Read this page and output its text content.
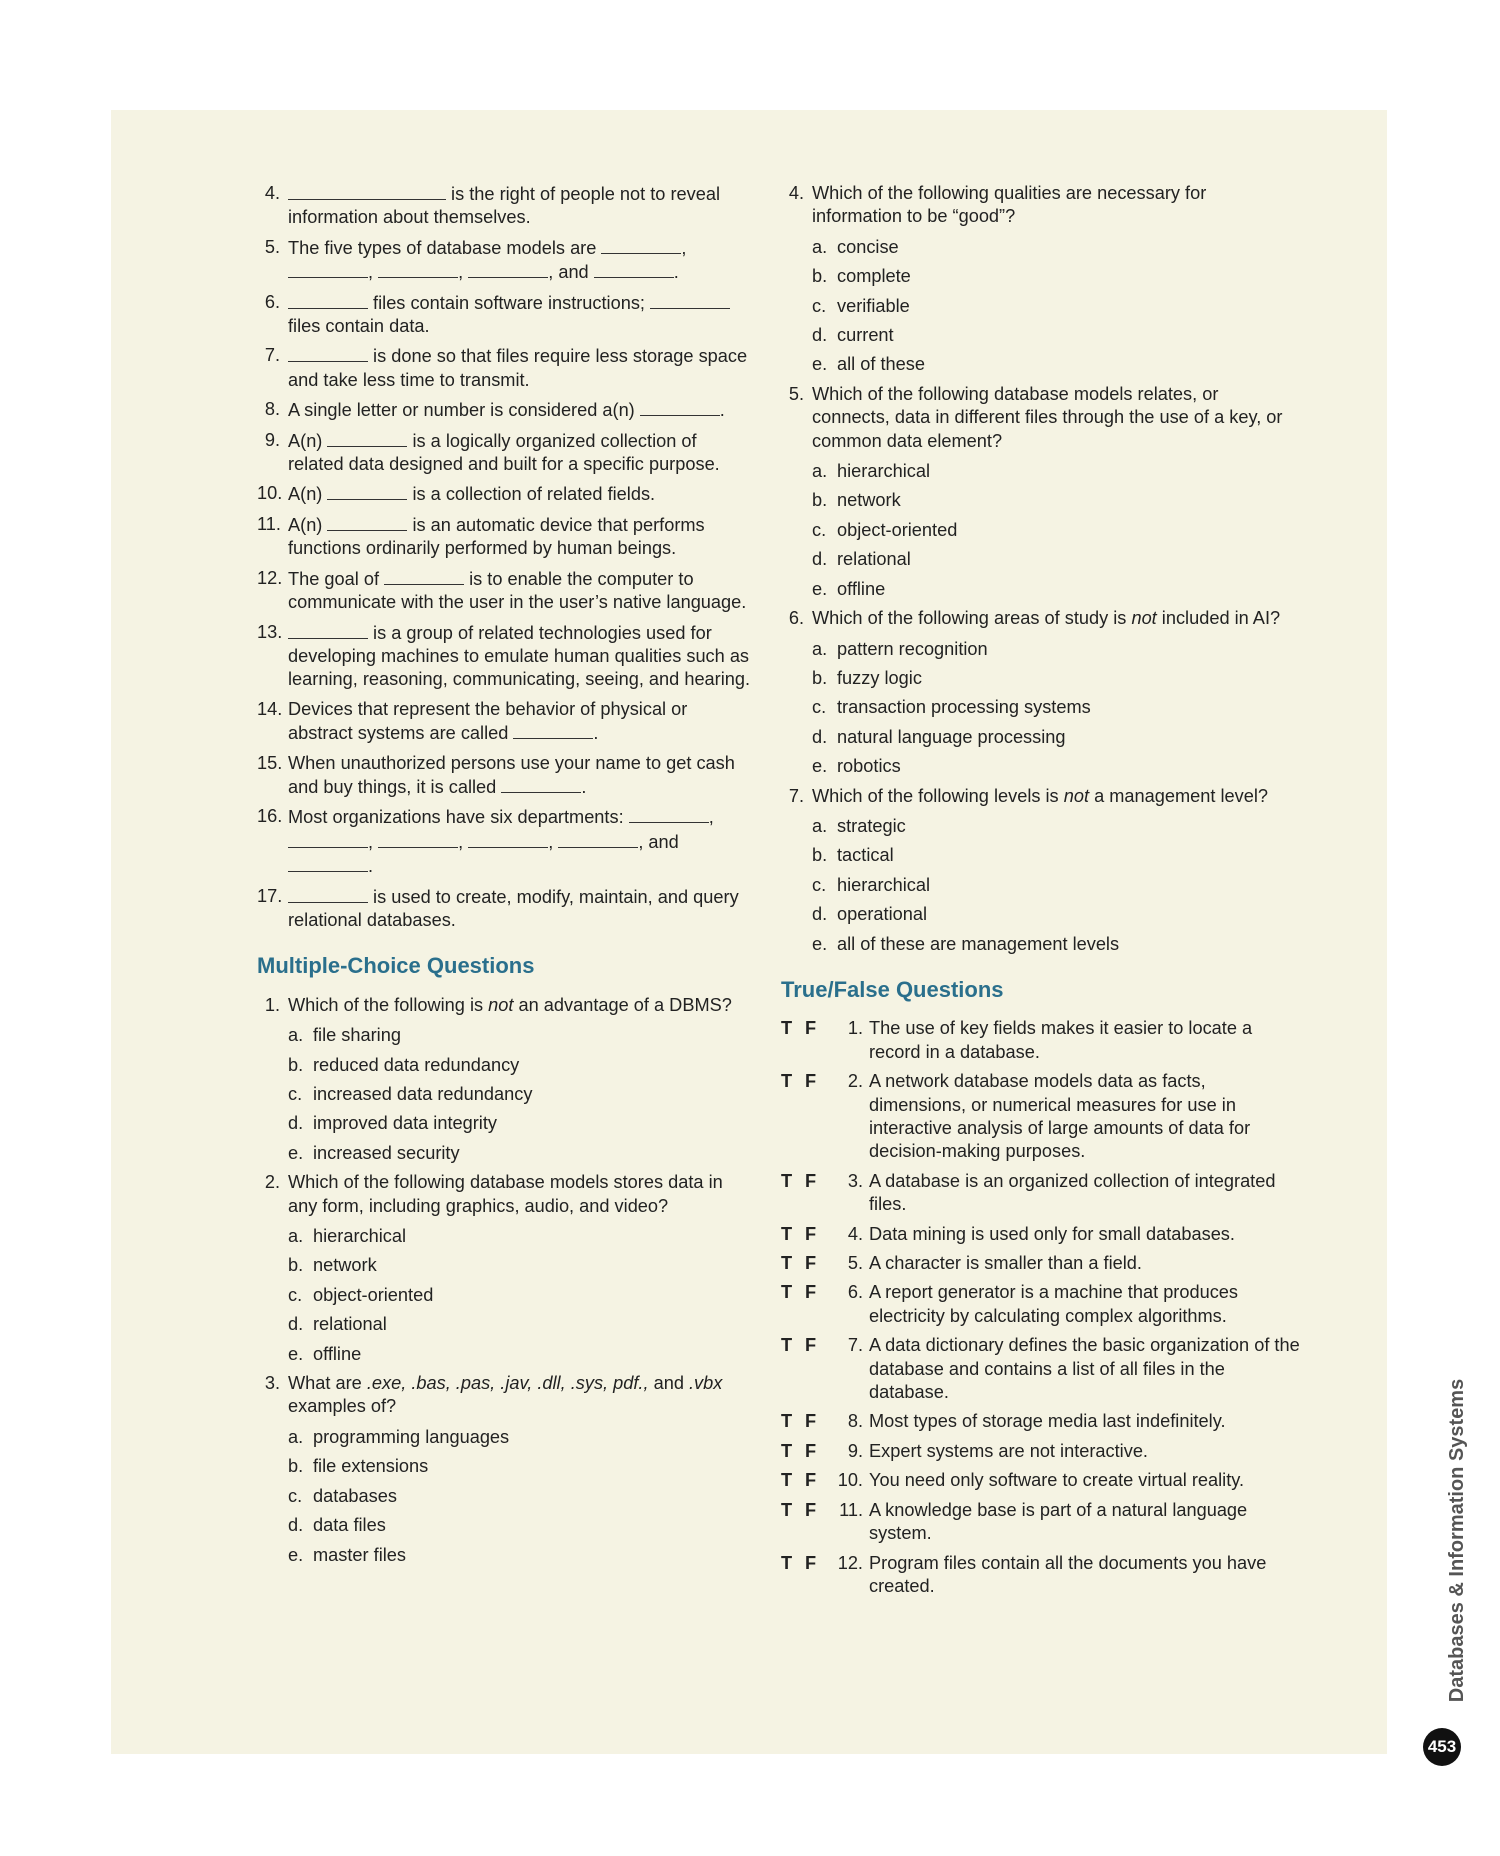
4.	is the right of people not to reveal information about themselves.
5. The five types of database models are	, ,	,	, and	.
6.	files contain software instructions;  files contain data.
7.	is done so that files require less storage space and take less time to transmit.
8. A single letter or number is considered a(n)	.
9. A(n)	is a logically organized collection of related data designed and built for a specific purpose.
10. A(n)	is a collection of related fields.
11. A(n)	is an automatic device that performs functions ordinarily performed by human beings.
12. The goal of	is to enable the computer to communicate with the user in the user’s native language.
13.	is a group of related technologies used for developing machines to emulate human qualities such as learning, reasoning, communicating, seeing, and hearing.
14. Devices that represent the behavior of physical or abstract systems are called	.
15. When unauthorized persons use your name to get cash and buy things, it is called	.
16. Most organizations have six departments:	, ,	,	,	, and .
17.	is used to create, modify, maintain, and query relational databases.
Multiple-Choice Questions
1. Which of the following is not an advantage of a DBMS?
a. file sharing
b. reduced data redundancy
c. increased data redundancy
d. improved data integrity
e. increased security
2. Which of the following database models stores data in any form, including graphics, audio, and video?
a. hierarchical
b. network
c. object-oriented
d. relational
e. offline
3. What are .exe, .bas, .pas, .jav, .dll, .sys, pdf., and .vbx examples of?
a. programming languages
b. file extensions
c. databases
d. data files
e. master files
4. Which of the following qualities are necessary for information to be “good”?
a. concise
b. complete
c. verifiable
d. current
e. all of these
5. Which of the following database models relates, or connects, data in different files through the use of a key, or common data element?
a. hierarchical
b. network
c. object-oriented
d. relational
e. offline
6. Which of the following areas of study is not included in AI?
a. pattern recognition
b. fuzzy logic
c. transaction processing systems
d. natural language processing
e. robotics
7. Which of the following levels is not a management level?
a. strategic
b. tactical
c. hierarchical
d. operational
e. all of these are management levels
True/False Questions
T F	1. The use of key fields makes it easier to locate a record in a database.
T F	2. A network database models data as facts, dimensions, or numerical measures for use in interactive analysis of large amounts of data for decision-making purposes.
T F	3. A database is an organized collection of integrated files.
T F	4. Data mining is used only for small databases.
T F	5. A character is smaller than a field.
T F	6. A report generator is a machine that produces electricity by calculating complex algorithms.
T F	7. A data dictionary defines the basic organization of the database and contains a list of all files in the database.
T F	8. Most types of storage media last indefinitely.
T F	9. Expert systems are not interactive.
T F	10. You need only software to create virtual reality.
T F	11. A knowledge base is part of a natural language system.
T F	12. Program files contain all the documents you have created.	Databases & Information Systems
453
